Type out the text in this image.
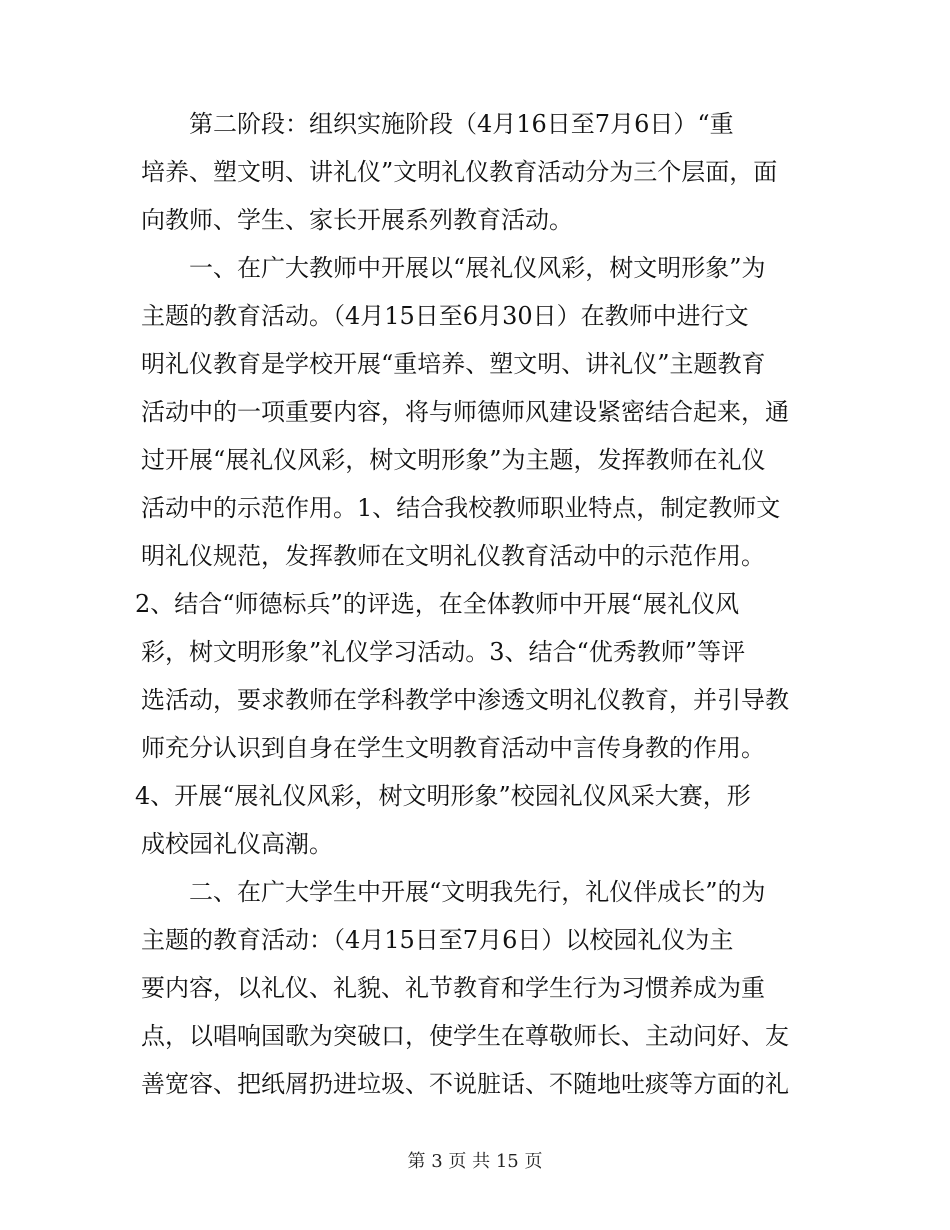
第二阶段：组织实施阶段（4月16日至7月6日）“重
培养、塑文明、讲礼仪”文明礼仪教育活动分为三个层面，面
向教师、学生、家长开展系列教育活动。
一、在广大教师中开展以“展礼仪风彩，树文明形象”为
主题的教育活动。（4月15日至6月30日）在教师中进行文
明礼仪教育是学校开展“重培养、塑文明、讲礼仪”主题教育
活动中的一项重要内容，将与师德师风建设紧密结合起来，通
过开展“展礼仪风彩，树文明形象”为主题，发挥教师在礼仪
活动中的示范作用。1、结合我校教师职业特点，制定教师文
明礼仪规范，发挥教师在文明礼仪教育活动中的示范作用。
2、结合“师德标兵”的评选，在全体教师中开展“展礼仪风
彩，树文明形象”礼仪学习活动。3、结合“优秀教师”等评
选活动，要求教师在学科教学中渗透文明礼仪教育，并引导教
师充分认识到自身在学生文明教育活动中言传身教的作用。
4、开展“展礼仪风彩，树文明形象”校园礼仪风采大赛，形
成校园礼仪高潮。
二、在广大学生中开展“文明我先行，礼仪伴成长”的为
主题的教育活动：（4月15日至7月6日）以校园礼仪为主
要内容，以礼仪、礼貌、礼节教育和学生行为习惯养成为重
点，以唱响国歌为突破口，使学生在尊敬师长、主动问好、友
善宽容、把纸屑扔进垃圾、不说脏话、不随地吐痰等方面的礼
第 3 页 共 15 页
